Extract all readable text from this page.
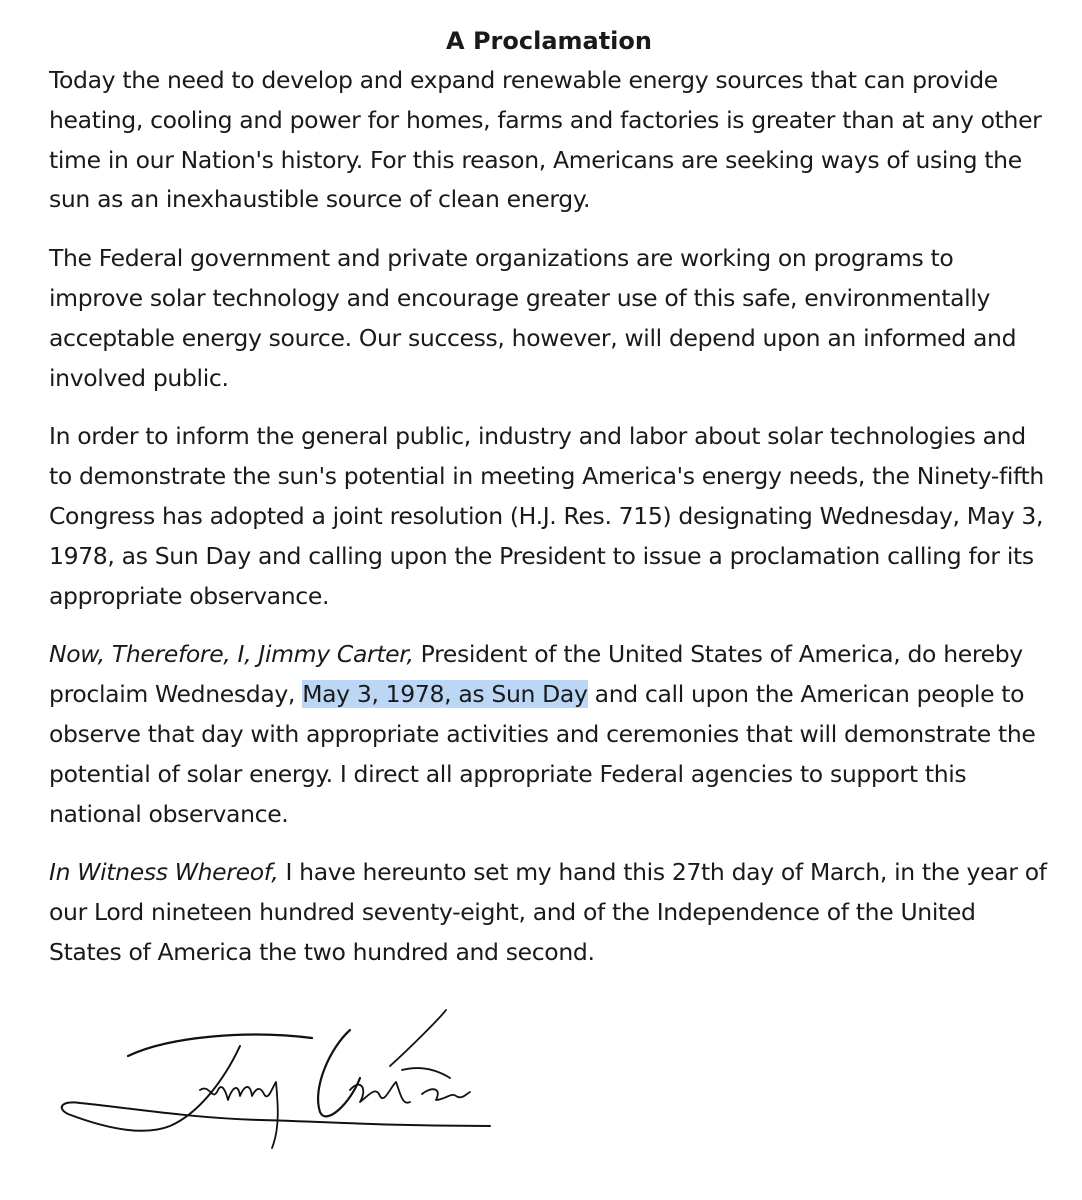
A Proclamation

Today the need to develop and expand renewable energy sources that can provide heating, cooling and power for homes, farms and factories is greater than at any other time in our Nation's history. For this reason, Americans are seeking ways of using the sun as an inexhaustible source of clean energy.

The Federal government and private organizations are working on programs to improve solar technology and encourage greater use of this safe, environmentally acceptable energy source. Our success, however, will depend upon an informed and involved public.

In order to inform the general public, industry and labor about solar technologies and to demonstrate the sun's potential in meeting America's energy needs, the Ninety-fifth Congress has adopted a joint resolution (H.J. Res. 715) designating Wednesday, May 3, 1978, as Sun Day and calling upon the President to issue a proclamation calling for its appropriate observance.

Now, Therefore, I, Jimmy Carter, President of the United States of America, do hereby proclaim Wednesday, May 3, 1978, as Sun Day and call upon the American people to observe that day with appropriate activities and ceremonies that will demonstrate the potential of solar energy. I direct all appropriate Federal agencies to support this national observance.

In Witness Whereof, I have hereunto set my hand this 27th day of March, in the year of our Lord nineteen hundred seventy-eight, and of the Independence of the United States of America the two hundred and second.
